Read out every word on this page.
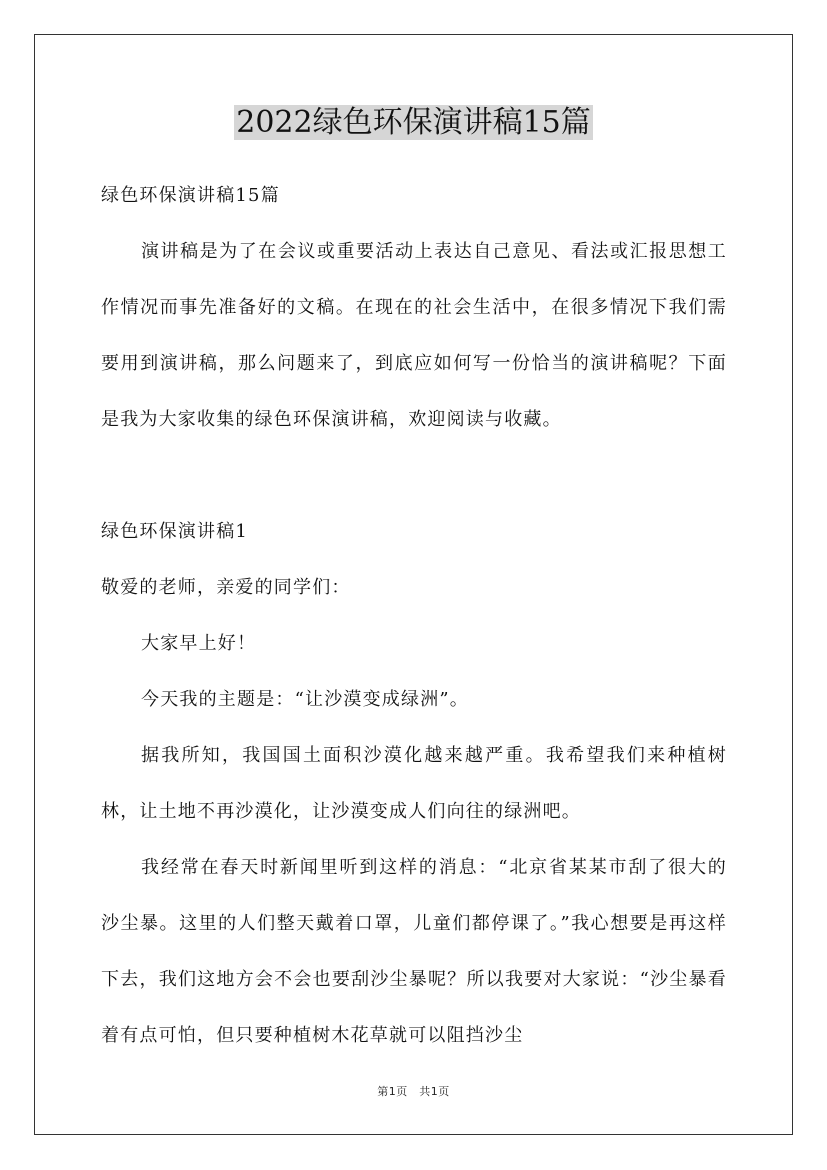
2022绿色环保演讲稿15篇

绿色环保演讲稿15篇

演讲稿是为了在会议或重要活动上表达自己意见、看法或汇报思想工作情况而事先准备好的文稿。在现在的社会生活中，在很多情况下我们需要用到演讲稿，那么问题来了，到底应如何写一份恰当的演讲稿呢？下面是我为大家收集的绿色环保演讲稿，欢迎阅读与收藏。

绿色环保演讲稿1

敬爱的老师，亲爱的同学们：

大家早上好！

今天我的主题是：“让沙漠变成绿洲”。

据我所知，我国国土面积沙漠化越来越严重。我希望我们来种植树林，让土地不再沙漠化，让沙漠变成人们向往的绿洲吧。

我经常在春天时新闻里听到这样的消息：“北京省某某市刮了很大的沙尘暴。这里的人们整天戴着口罩，儿童们都停课了。”我心想要是再这样下去，我们这地方会不会也要刮沙尘暴呢？所以我要对大家说：“沙尘暴看着有点可怕，但只要种植树木花草就可以阻挡沙尘

第1页　共1页
